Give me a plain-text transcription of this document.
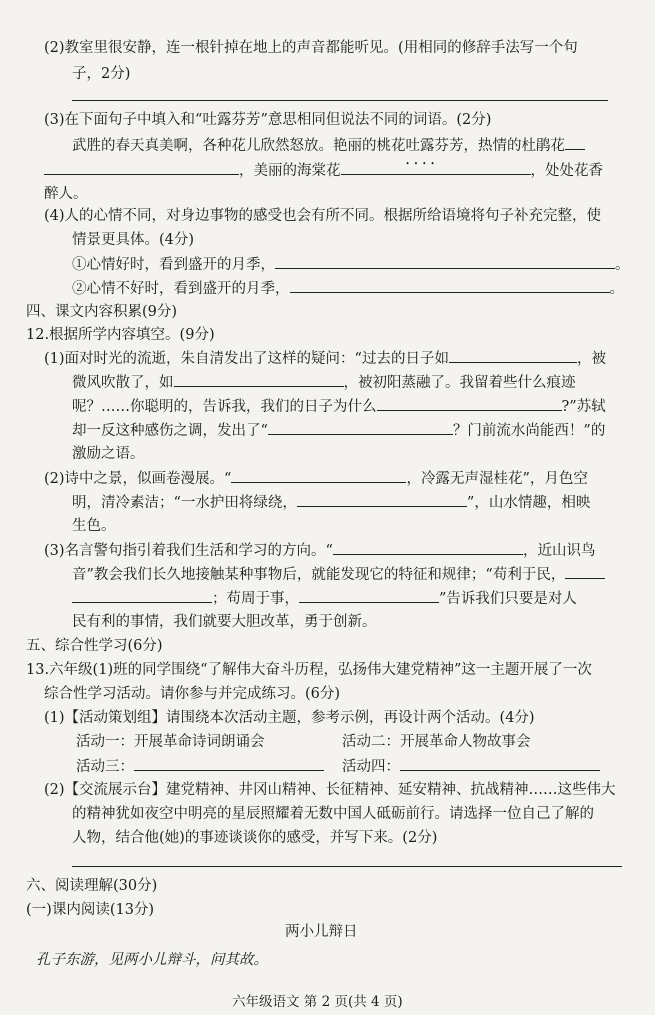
(2)教室里很安静，连一根针掉在地上的声音都能听见。(用相同的修辞手法写一个句
子，2分)
(3)在下面句子中填入和“吐露芬芳”意思相同但说法不同的词语。(2分)
武胜的春天真美啊，各种花儿欣然怒放。艳丽的桃花吐露芬芳 • • ，热情的杜鹃花
，美丽的海棠花	，处处花香
醉人。
(4)人的心情不同，对身边事物的感受也会有所不同。根据所给语境将句子补充完整，使
情景更具体。(4分)
①心情好时，看到盛开的月季，	。
②心情不好时，看到盛开的月季，	。
四、课文内容积累(9分)
12.根据所学内容填空。(9分)
(1)面对时光的流逝，朱自清发出了这样的疑问：“过去的日子如	，被
微风吹散了，如	，被初阳蒸融了。我留着些什么痕迹
呢？……你聪明的，告诉我，我们的日子为什么	?”苏轼
却一反这种感伤之调，发出了“	？门前流水尚能西！”的
激励之语。
(2)诗中之景，似画卷漫展。“	，冷露无声湿桂花”，月色空
明，清冷素洁；“一水护田将绿绕，	”，山水情趣，相映
生色。
(3)名言警句指引着我们生活和学习的方向。“	，近山识鸟
音”教会我们长久地接触某种事物后，就能发现它的特征和规律；“苟利于民，
；苟周于事，	”告诉我们只要是对人
民有利的事情，我们就要大胆改革，勇于创新。
五、综合性学习(6分)
13.六年级(1)班的同学围绕“了解伟大奋斗历程，弘扬伟大建党精神”这一主题开展了一次
综合性学习活动。请你参与并完成练习。(6分)
(1)【活动策划组】请围绕本次活动主题，参考示例，再设计两个活动。(4分)
活动一：开展革命诗词朗诵会	活动二：开展革命人物故事会
活动三：	活动四：
(2)【交流展示台】建党精神、井冈山精神、长征精神、延安精神、抗战精神……这些伟大
的精神犹如夜空中明亮的星辰照耀着无数中国人砥砺前行。请选择一位自己了解的
人物，结合他(她)的事迹谈谈你的感受，并写下来。(2分)
六、阅读理解(30分)
(一)课内阅读(13分)
两小儿辩日
孔子东游，见两小儿辩斗，问其故。
六年级语文 第 2 页(共 4 页)
